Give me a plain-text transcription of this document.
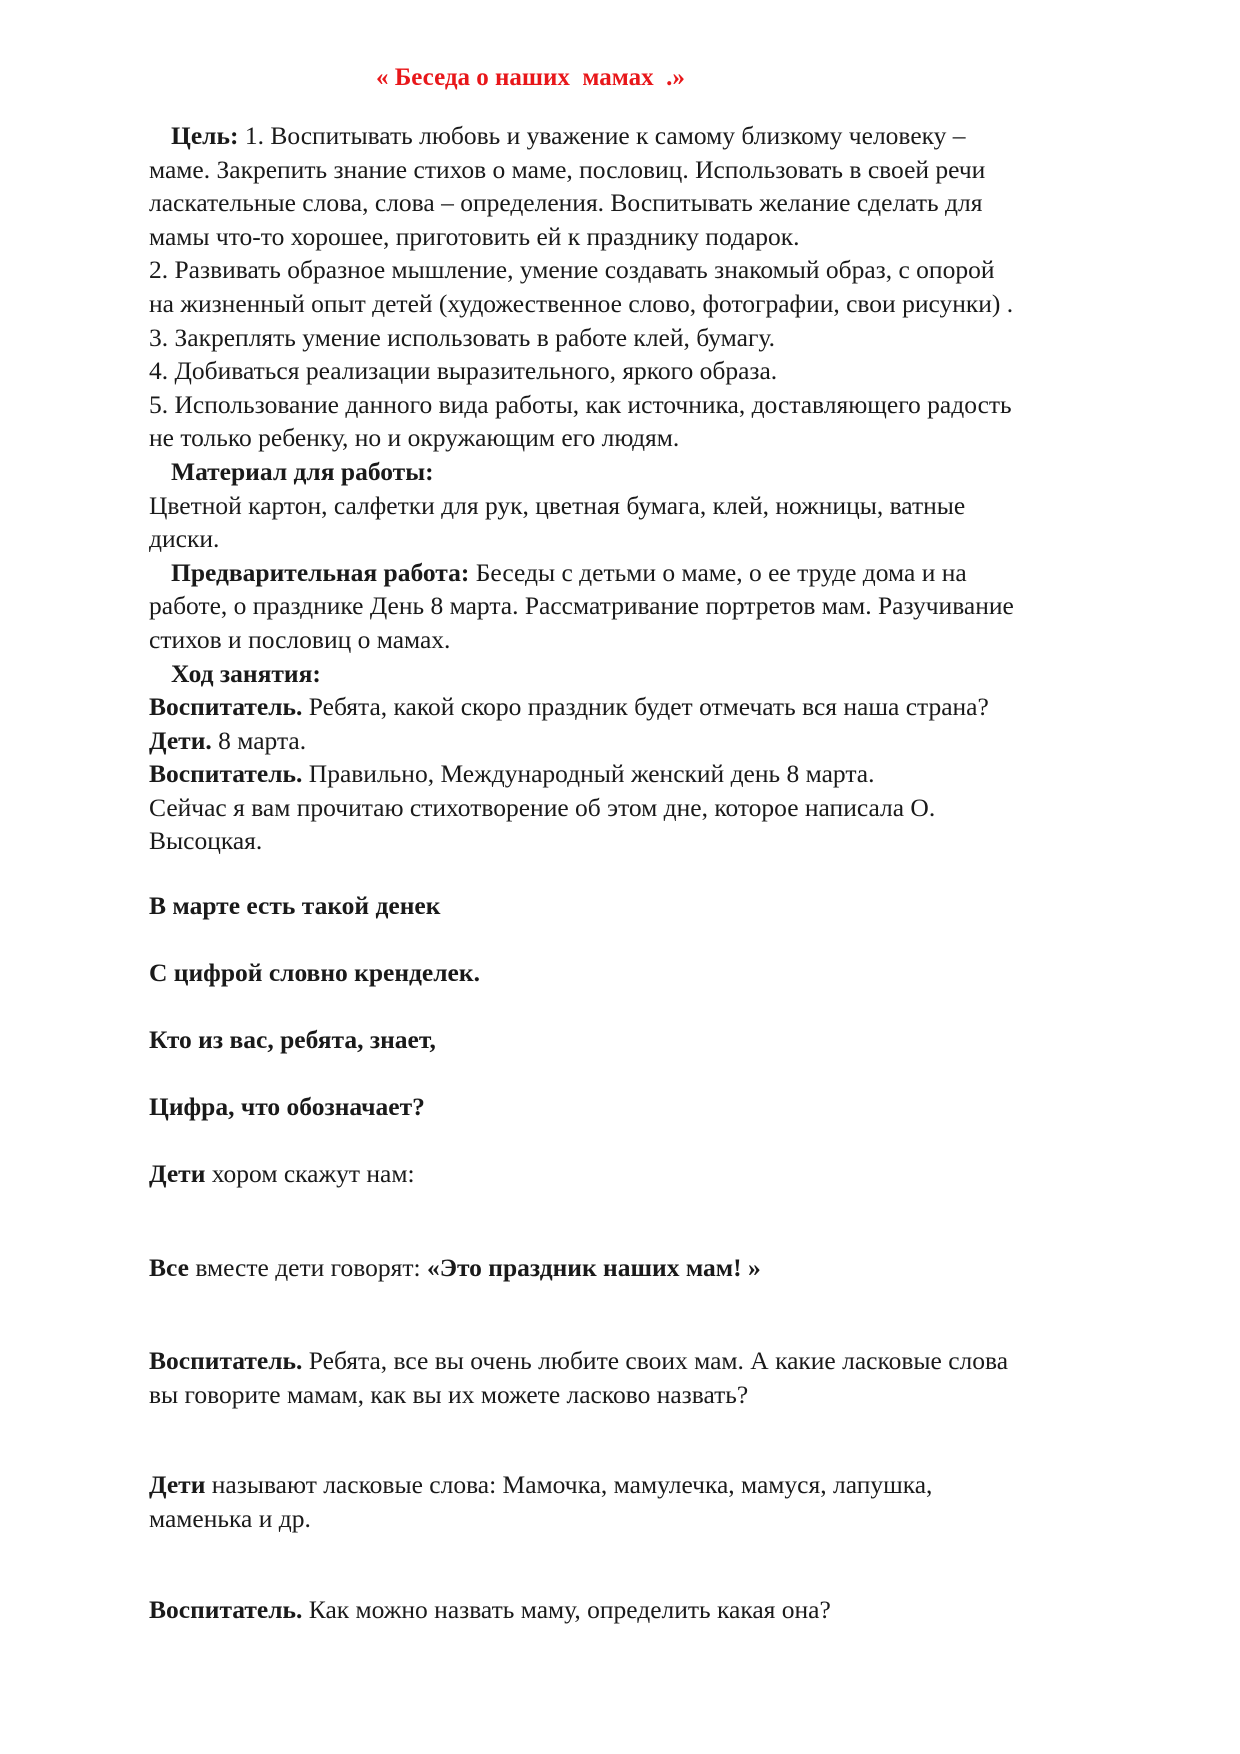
« Беседа о наших  мамах  .»
Цель: 1. Воспитывать любовь и уважение к самому близкому человеку –
маме. Закрепить знание стихов о маме, пословиц. Использовать в своей речи
ласкательные слова, слова – определения. Воспитывать желание сделать для
мамы что-то хорошее, приготовить ей к празднику подарок.
2. Развивать образное мышление, умение создавать знакомый образ, с опорой
на жизненный опыт детей (художественное слово, фотографии, свои рисунки) .
3. Закреплять умение использовать в работе клей, бумагу.
4. Добиваться реализации выразительного, яркого образа.
5. Использование данного вида работы, как источника, доставляющего радость
не только ребенку, но и окружающим его людям.
Материал для работы:
Цветной картон, салфетки для рук, цветная бумага, клей, ножницы, ватные
диски.
Предварительная работа: Беседы с детьми о маме, о ее труде дома и на
работе, о празднике День 8 марта. Рассматривание портретов мам. Разучивание
стихов и пословиц о мамах.
Ход занятия:
Воспитатель. Ребята, какой скоро праздник будет отмечать вся наша страна?
Дети. 8 марта.
Воспитатель. Правильно, Международный женский день 8 марта.
Сейчас я вам прочитаю стихотворение об этом дне, которое написала О.
Высоцкая.
В марте есть такой денек
С цифрой словно кренделек.
Кто из вас, ребята, знает,
Цифра, что обозначает?
Дети хором скажут нам:
Все вместе дети говорят: «Это праздник наших мам! »
Воспитатель. Ребята, все вы очень любите своих мам. А какие ласковые слова
вы говорите мамам, как вы их можете ласково назвать?
Дети называют ласковые слова: Мамочка, мамулечка, мамуся, лапушка,
маменька и др.
Воспитатель. Как можно назвать маму, определить какая она?
